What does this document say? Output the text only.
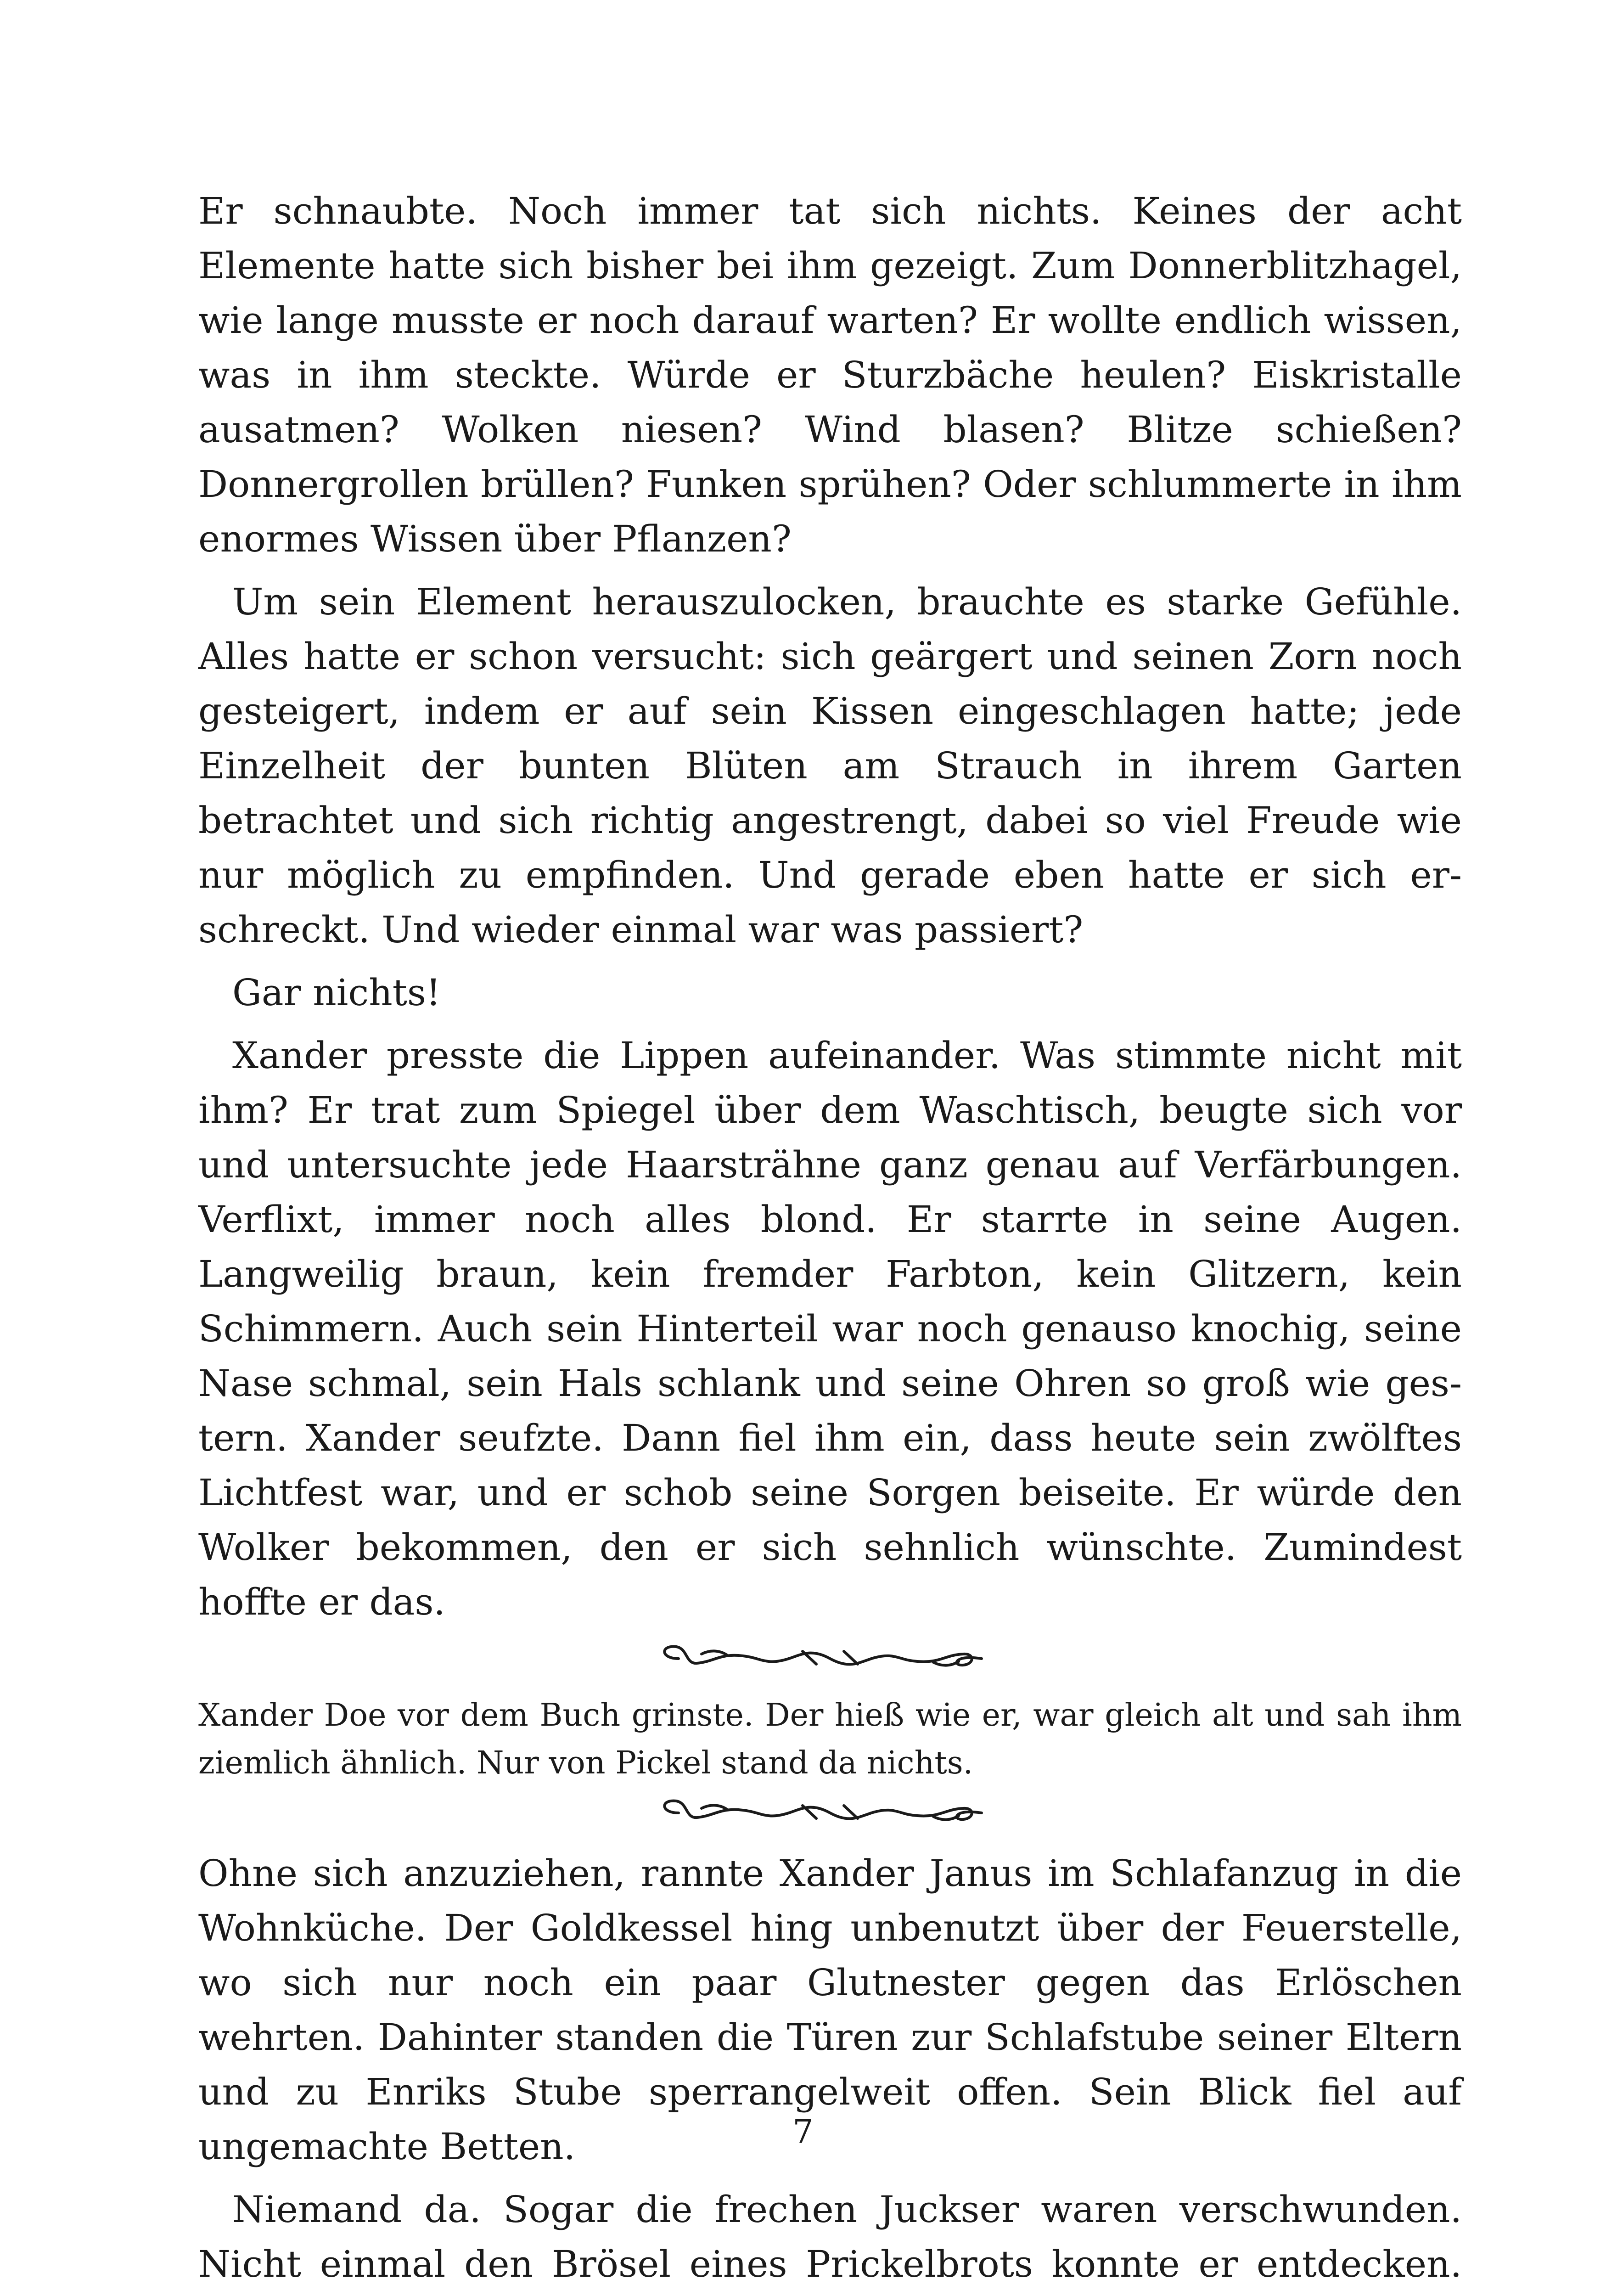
Er schnaubte. Noch immer tat sich nichts. Keines der acht Elemente hatte sich bisher bei ihm gezeigt. Zum Donnerblitzhagel, wie lange musste er noch darauf warten? Er wollte endlich wissen, was in ihm steckte. Würde er Sturzbäche heulen? Eiskristalle ausatmen? Wolken niesen? Wind blasen? Blitze schießen? Donnergrollen brüllen? Funken sprühen? Oder schlummerte in ihm enormes Wissen über Pflanzen?

Um sein Element herauszulocken, brauchte es starke Gefühle. Alles hatte er schon versucht: sich geärgert und seinen Zorn noch gesteigert, indem er auf sein Kissen eingeschlagen hatte; jede Einzelheit der bunten Blüten am Strauch in ihrem Garten betrachtet und sich richtig angestrengt, dabei so viel Freude wie nur möglich zu empfinden. Und gerade eben hatte er sich erschreckt. Und wieder einmal war was passiert?

Gar nichts!

Xander presste die Lippen aufeinander. Was stimmte nicht mit ihm? Er trat zum Spiegel über dem Waschtisch, beugte sich vor und untersuchte jede Haarsträhne ganz genau auf Verfärbungen. Verflixt, immer noch alles blond. Er starrte in seine Augen. Langweilig braun, kein fremder Farbton, kein Glitzern, kein Schimmern. Auch sein Hinterteil war noch genauso knochig, seine Nase schmal, sein Hals schlank und seine Ohren so groß wie gestern. Xander seufzte. Dann fiel ihm ein, dass heute sein zwölftes Lichtfest war, und er schob seine Sorgen beiseite. Er würde den Wolker bekommen, den er sich sehnlich wünschte. Zumindest hoffte er das.

Xander Doe vor dem Buch grinste. Der hieß wie er, war gleich alt und sah ihm ziemlich ähnlich. Nur von Pickel stand da nichts.

Ohne sich anzuziehen, rannte Xander Janus im Schlafanzug in die Wohnküche. Der Goldkessel hing unbenutzt über der Feuerstelle, wo sich nur noch ein paar Glutnester gegen das Erlöschen wehrten. Dahinter standen die Türen zur Schlafstube seiner Eltern und zu Enriks Stube sperrangelweit offen. Sein Blick fiel auf ungemachte Betten.

Niemand da. Sogar die frechen Juckser waren verschwunden. Nicht einmal den Brösel eines Prickelbrots konnte er entdecken.

7
